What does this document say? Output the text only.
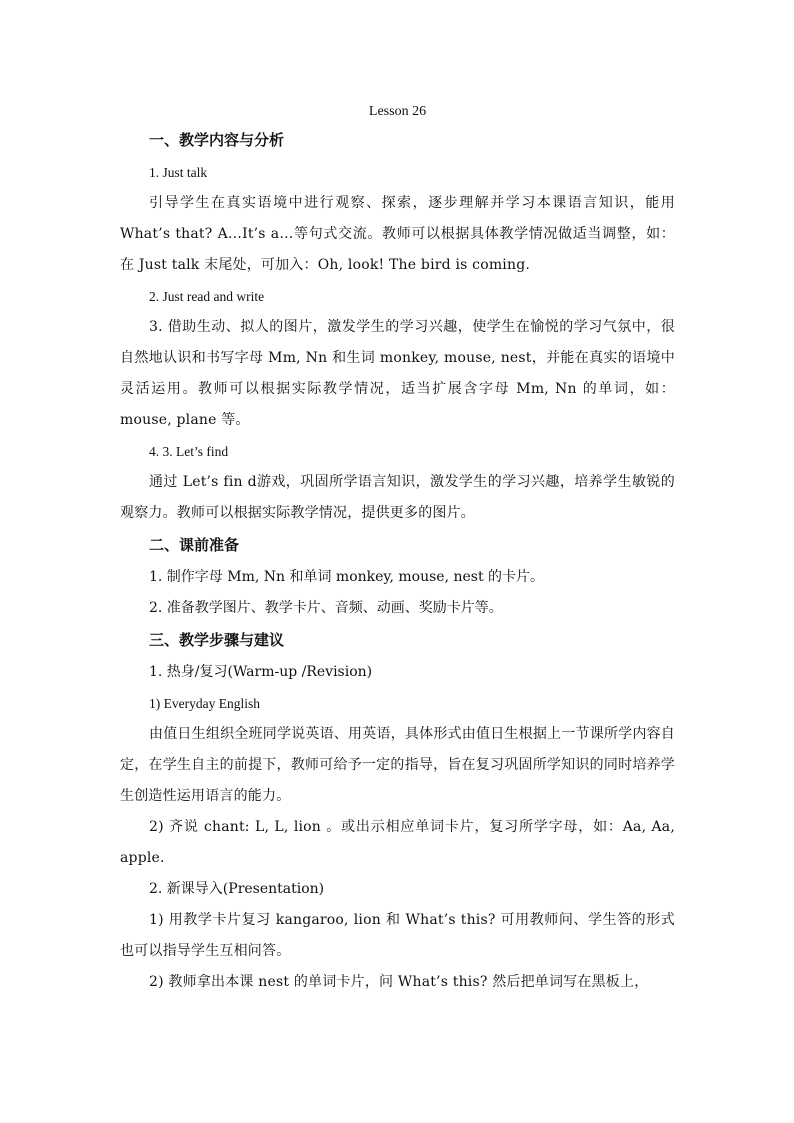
Lesson 26

一、教学内容与分析

1. Just talk

引导学生在真实语境中进行观察、探索，逐步理解并学习本课语言知识，能用 What’s that? A…It’s a…等句式交流。教师可以根据具体教学情况做适当调整，如：在 Just talk 末尾处，可加入：Oh, look! The bird is coming.

2. Just read and write

3. 借助生动、拟人的图片，激发学生的学习兴趣，使学生在愉悦的学习气氛中，很自然地认识和书写字母 Mm, Nn 和生词 monkey, mouse, nest，并能在真实的语境中灵活运用。教师可以根据实际教学情况，适当扩展含字母 Mm, Nn 的单词，如：mouse, plane 等。

4. 3. Let’s find

通过 Let’s fin d游戏，巩固所学语言知识，激发学生的学习兴趣，培养学生敏锐的观察力。教师可以根据实际教学情况，提供更多的图片。

二、课前准备

1. 制作字母 Mm, Nn 和单词 monkey, mouse, nest 的卡片。

2. 准备教学图片、教学卡片、音频、动画、奖励卡片等。

三、教学步骤与建议

1. 热身/复习(Warm-up /Revision)

1) Everyday English

由值日生组织全班同学说英语、用英语，具体形式由值日生根据上一节课所学内容自定，在学生自主的前提下，教师可给予一定的指导，旨在复习巩固所学知识的同时培养学生创造性运用语言的能力。

2) 齐说 chant: L, L, lion 。或出示相应单词卡片，复习所学字母，如：Aa, Aa, apple.

2. 新课导入(Presentation)

1) 用教学卡片复习 kangaroo, lion 和 What’s this? 可用教师问、学生答的形式也可以指导学生互相问答。

2) 教师拿出本课 nest 的单词卡片，问 What’s this? 然后把单词写在黑板上，
